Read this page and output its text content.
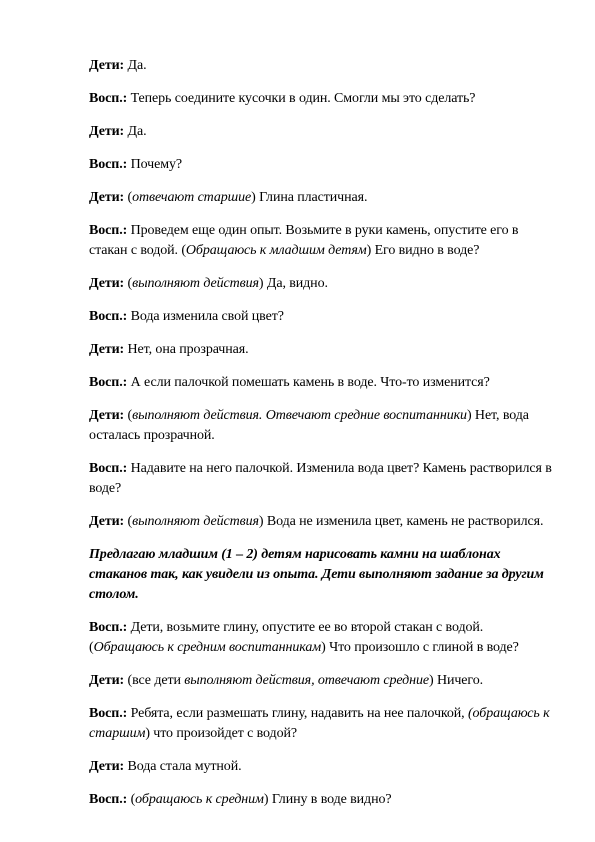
Дети: Да.

Восп.: Теперь соедините кусочки в один. Смогли мы это сделать?

Дети: Да.

Восп.: Почему?

Дети: (отвечают старшие) Глина пластичная.

Восп.: Проведем еще один опыт. Возьмите в руки камень, опустите его в стакан с водой. (Обращаюсь к младшим детям) Его видно в воде?

Дети: (выполняют действия) Да, видно.

Восп.: Вода изменила свой цвет?

Дети: Нет, она прозрачная.

Восп.: А если палочкой помешать камень в воде. Что-то изменится?

Дети: (выполняют действия. Отвечают средние воспитанники) Нет, вода осталась прозрачной.

Восп.: Надавите на него палочкой. Изменила вода цвет? Камень растворился в воде?

Дети: (выполняют действия) Вода не изменила цвет, камень не растворился.

Предлагаю младшим (1 – 2) детям нарисовать камни на шаблонах стаканов так, как увидели из опыта. Дети выполняют задание за другим столом.

Восп.: Дети, возьмите глину, опустите ее во второй стакан с водой. (Обращаюсь к средним воспитанникам) Что произошло с глиной в воде?

Дети: (все дети выполняют действия, отвечают средние) Ничего.

Восп.: Ребята, если размешать глину, надавить на нее палочкой, (обращаюсь к старшим) что произойдет с водой?

Дети: Вода стала мутной.

Восп.: (обращаюсь к средним) Глину в воде видно?
